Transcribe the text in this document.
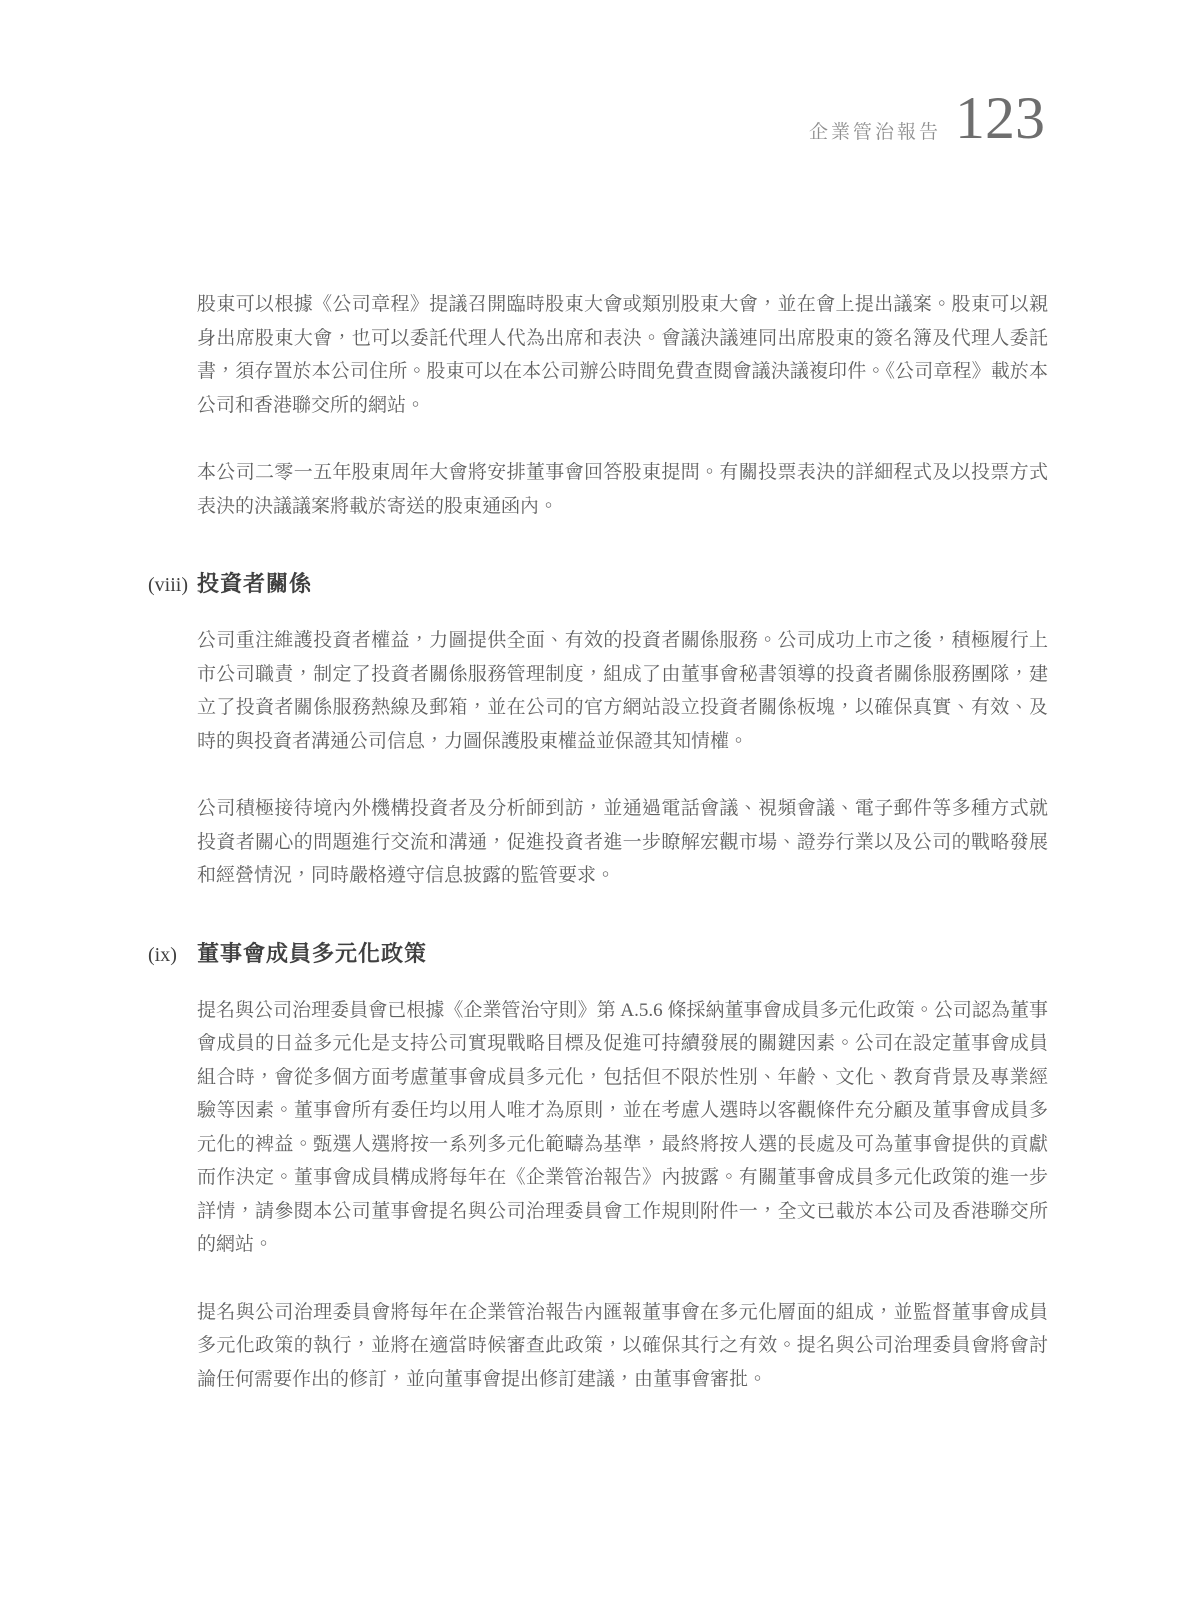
企業管治報告 123

股東可以根據《公司章程》提議召開臨時股東大會或類別股東大會，並在會上提出議案。股東可以親身出席股東大會，也可以委託代理人代為出席和表決。會議決議連同出席股東的簽名簿及代理人委託書，須存置於本公司住所。股東可以在本公司辦公時間免費查閱會議決議複印件。《公司章程》載於本公司和香港聯交所的網站。

本公司二零一五年股東周年大會將安排董事會回答股東提問。有關投票表決的詳細程式及以投票方式表決的決議議案將載於寄送的股東通函內。

(viii) 投資者關係

公司重注維護投資者權益，力圖提供全面、有效的投資者關係服務。公司成功上市之後，積極履行上市公司職責，制定了投資者關係服務管理制度，組成了由董事會秘書領導的投資者關係服務團隊，建立了投資者關係服務熱線及郵箱，並在公司的官方網站設立投資者關係板塊，以確保真實、有效、及時的與投資者溝通公司信息，力圖保護股東權益並保證其知情權。

公司積極接待境內外機構投資者及分析師到訪，並通過電話會議、視頻會議、電子郵件等多種方式就投資者關心的問題進行交流和溝通，促進投資者進一步瞭解宏觀市場、證券行業以及公司的戰略發展和經營情況，同時嚴格遵守信息披露的監管要求。

(ix) 董事會成員多元化政策

提名與公司治理委員會已根據《企業管治守則》第 A.5.6 條採納董事會成員多元化政策。公司認為董事會成員的日益多元化是支持公司實現戰略目標及促進可持續發展的關鍵因素。公司在設定董事會成員組合時，會從多個方面考慮董事會成員多元化，包括但不限於性別、年齡、文化、教育背景及專業經驗等因素。董事會所有委任均以用人唯才為原則，並在考慮人選時以客觀條件充分顧及董事會成員多元化的裨益。甄選人選將按一系列多元化範疇為基準，最終將按人選的長處及可為董事會提供的貢獻而作決定。董事會成員構成將每年在《企業管治報告》內披露。有關董事會成員多元化政策的進一步詳情，請參閱本公司董事會提名與公司治理委員會工作規則附件一，全文已載於本公司及香港聯交所的網站。

提名與公司治理委員會將每年在企業管治報告內匯報董事會在多元化層面的組成，並監督董事會成員多元化政策的執行，並將在適當時候審查此政策，以確保其行之有效。提名與公司治理委員會將會討論任何需要作出的修訂，並向董事會提出修訂建議，由董事會審批。
